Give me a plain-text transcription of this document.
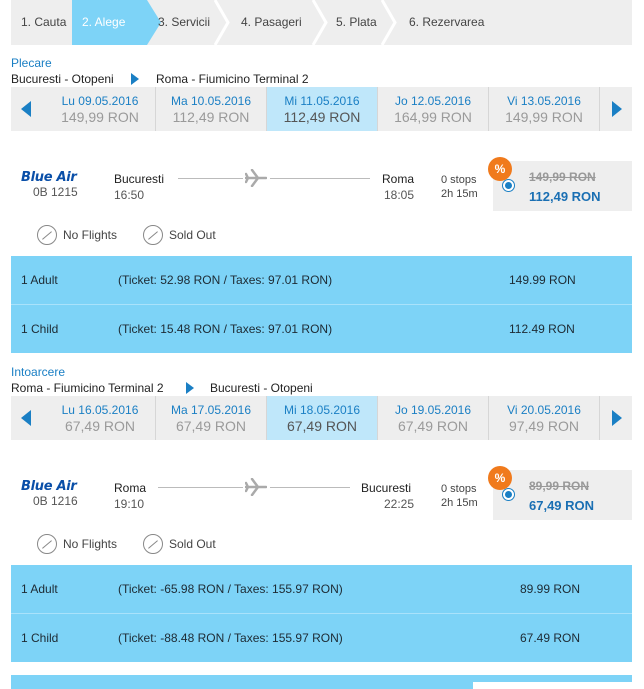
1. Cauta	2. Alege	3. Servicii	4. Pasageri	5. Plata	6. Rezervarea
Plecare
Bucuresti - Otopeni	Roma - Fiumicino Terminal 2
Lu 09.05.2016
149,99 RON
Ma 10.05.2016
112,49 RON
Mi 11.05.2016
112,49 RON
Jo 12.05.2016
164,99 RON
Vi 13.05.2016
149,99 RON
Blue Air
0B 1215
Bucuresti
16:50
Roma
18:05
0 stops
2h 15m
%
149,99 RON
112,49 RON
No Flights	Sold Out
1 Adult	(Ticket: 52.98 RON / Taxes: 97.01 RON)	149.99 RON
1 Child	(Ticket: 15.48 RON / Taxes: 97.01 RON)	112.49 RON
Intoarcere
Roma - Fiumicino Terminal 2	Bucuresti - Otopeni
Lu 16.05.2016
67,49 RON
Ma 17.05.2016
67,49 RON
Mi 18.05.2016
67,49 RON
Jo 19.05.2016
67,49 RON
Vi 20.05.2016
97,49 RON
Blue Air
0B 1216
Roma
19:10
Bucuresti
22:25
0 stops
2h 15m
%
89,99 RON
67,49 RON
No Flights	Sold Out
1 Adult	(Ticket: -65.98 RON / Taxes: 155.97 RON)	89.99 RON
1 Child	(Ticket: -88.48 RON / Taxes: 155.97 RON)	67.49 RON
